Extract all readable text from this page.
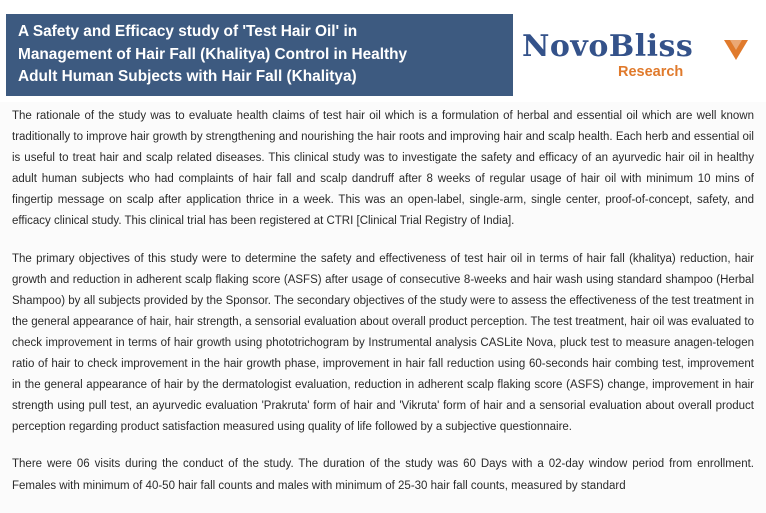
A Safety and Efficacy study of 'Test Hair Oil' in
Management of Hair Fall (Khalitya) Control in Healthy
Adult Human Subjects with Hair Fall (Khalitya)
NovoBliss
Research

The rationale of the study was to evaluate health claims of test hair oil which is a formulation of herbal and essential oil which are well known traditionally to improve hair growth by strengthening and nourishing the hair roots and improving hair and scalp health. Each herb and essential oil is useful to treat hair and scalp related diseases. This clinical study was to investigate the safety and efficacy of an ayurvedic hair oil in healthy adult human subjects who had complaints of hair fall and scalp dandruff after 8 weeks of regular usage of hair oil with minimum 10 mins of fingertip message on scalp after application thrice in a week. This was an open-label, single-arm, single center, proof-of-concept, safety, and efficacy clinical study. This clinical trial has been registered at CTRI [Clinical Trial Registry of India].

The primary objectives of this study were to determine the safety and effectiveness of test hair oil in terms of hair fall (khalitya) reduction, hair growth and reduction in adherent scalp flaking score (ASFS) after usage of consecutive 8-weeks and hair wash using standard shampoo (Herbal Shampoo) by all subjects provided by the Sponsor. The secondary objectives of the study were to assess the effectiveness of the test treatment in the general appearance of hair, hair strength, a sensorial evaluation about overall product perception. The test treatment, hair oil was evaluated to check improvement in terms of hair growth using phototrichogram by Instrumental analysis CASLite Nova, pluck test to measure anagen-telogen ratio of hair to check improvement in the hair growth phase, improvement in hair fall reduction using 60-seconds hair combing test, improvement in the general appearance of hair by the dermatologist evaluation, reduction in adherent scalp flaking score (ASFS) change, improvement in hair strength using pull test, an ayurvedic evaluation 'Prakruta' form of hair and 'Vikruta' form of hair and a sensorial evaluation about overall product perception regarding product satisfaction measured using quality of life followed by a subjective questionnaire.

There were 06 visits during the conduct of the study. The duration of the study was 60 Days with a 02-day window period from enrollment. Females with minimum of 40-50 hair fall counts and males with minimum of 25-30 hair fall counts, measured by standard
